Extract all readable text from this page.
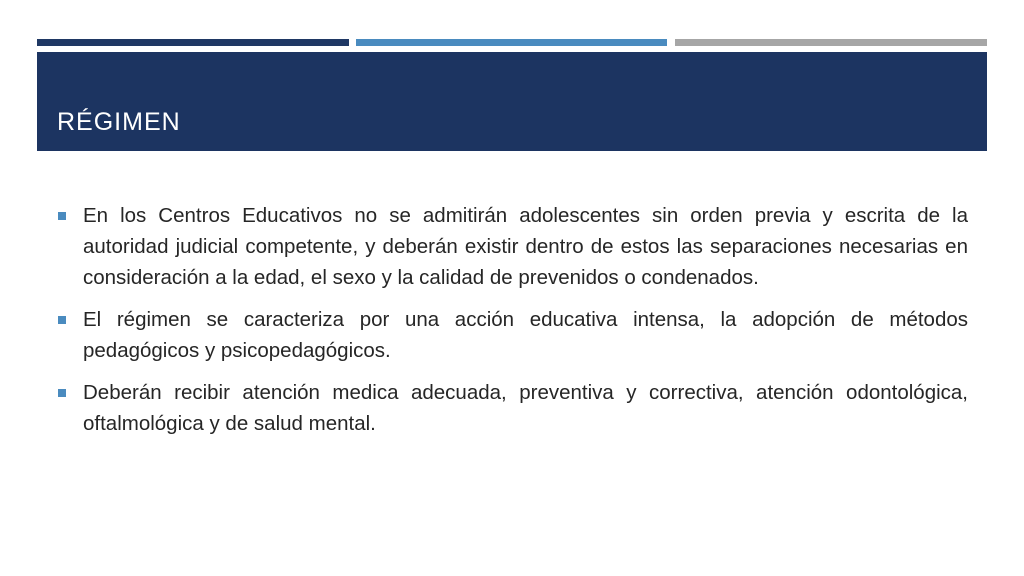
RÉGIMEN
En los Centros Educativos no se admitirán adolescentes sin orden previa y escrita de la autoridad judicial competente, y deberán existir dentro de estos las separaciones necesarias en consideración a la edad, el sexo y la calidad de prevenidos o condenados.
El régimen se caracteriza por una acción educativa intensa, la adopción de métodos pedagógicos y psicopedagógicos.
Deberán recibir atención medica adecuada, preventiva y correctiva, atención odontológica, oftalmológica y de salud mental.
